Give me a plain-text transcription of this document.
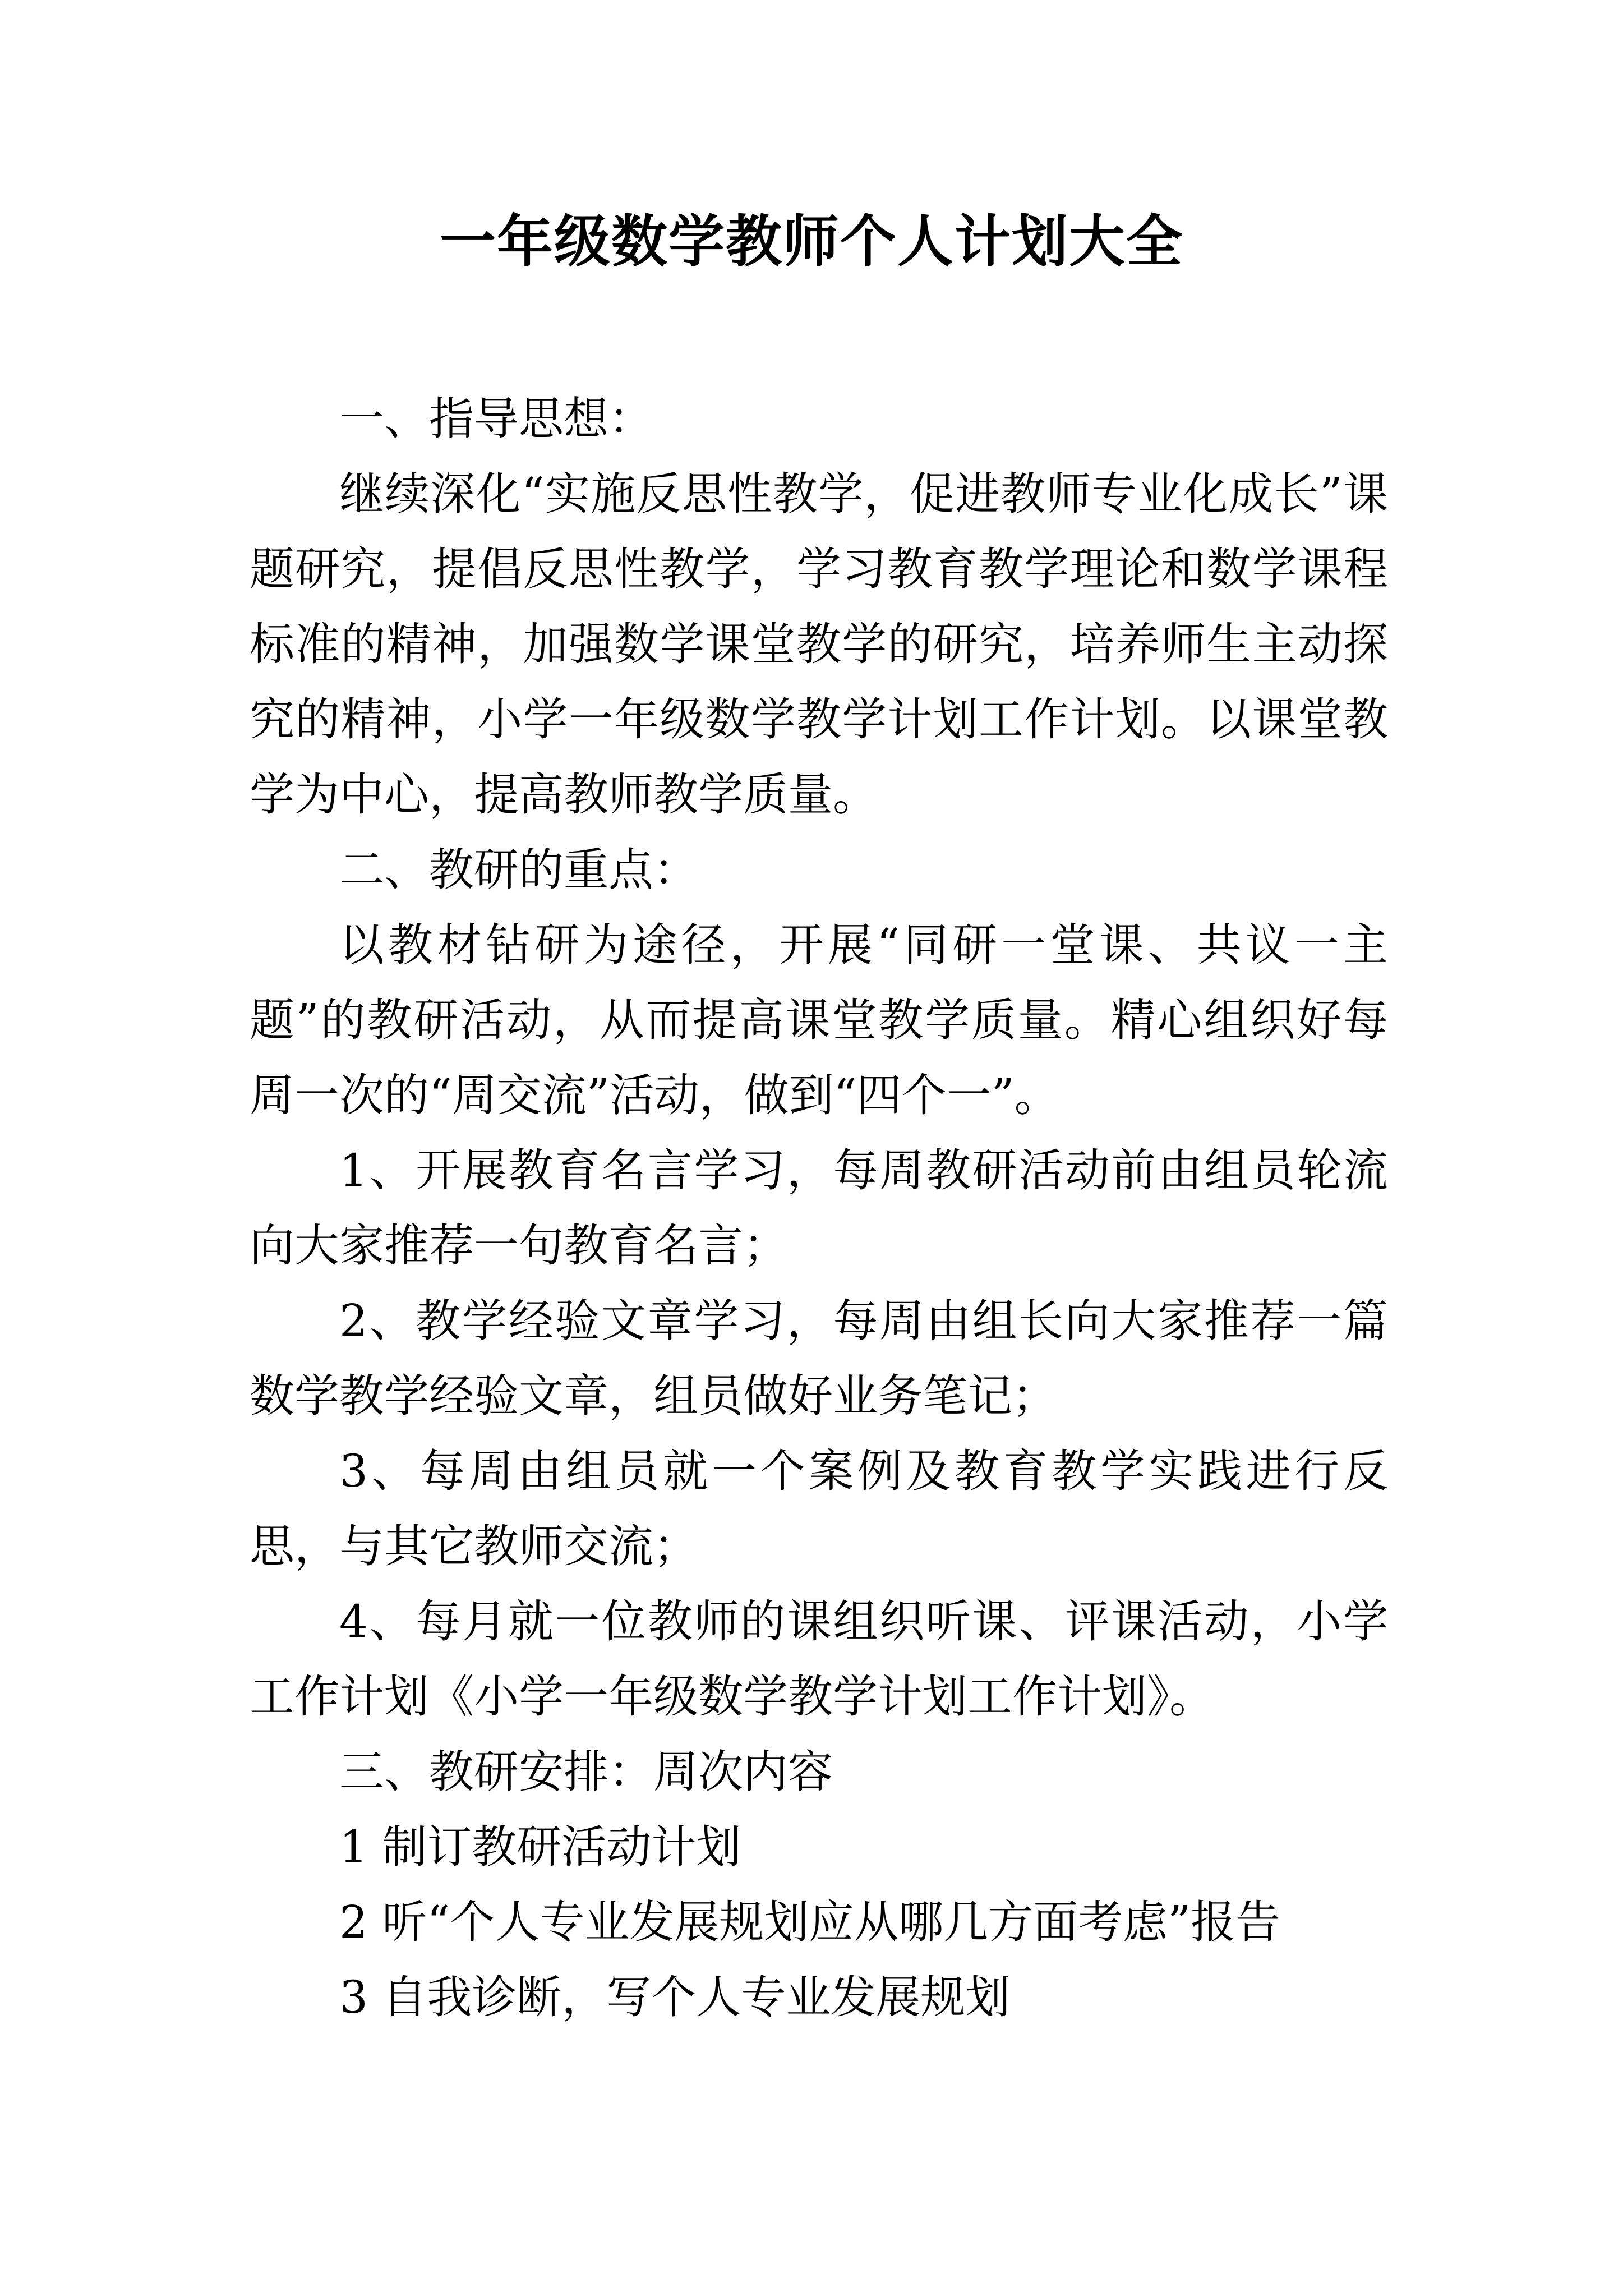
一年级数学教师个人计划大全

一、指导思想：

继续深化“实施反思性教学，促进教师专业化成长”课题研究，提倡反思性教学，学习教育教学理论和数学课程标准的精神，加强数学课堂教学的研究，培养师生主动探究的精神，小学一年级数学教学计划工作计划。以课堂教学为中心，提高教师教学质量。

二、教研的重点：

以教材钻研为途径，开展“同研一堂课、共议一主题”的教研活动，从而提高课堂教学质量。精心组织好每周一次的“周交流”活动，做到“四个一”。

1、开展教育名言学习，每周教研活动前由组员轮流向大家推荐一句教育名言；

2、教学经验文章学习，每周由组长向大家推荐一篇数学教学经验文章，组员做好业务笔记；

3、每周由组员就一个案例及教育教学实践进行反思，与其它教师交流；

4、每月就一位教师的课组织听课、评课活动，小学工作计划《小学一年级数学教学计划工作计划》。

三、教研安排：周次内容

1 制订教研活动计划

2 听“个人专业发展规划应从哪几方面考虑”报告

3 自我诊断，写个人专业发展规划
